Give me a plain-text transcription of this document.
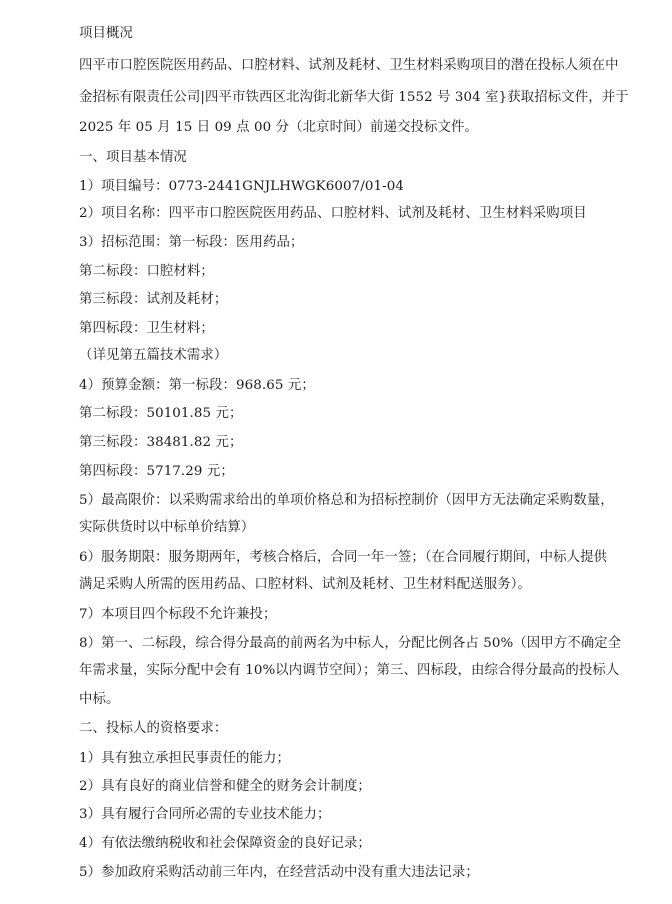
项目概况
四平市口腔医院医用药品、口腔材料、试剂及耗材、卫生材料采购项目的潜在投标人须在中
金招标有限责任公司|四平市铁西区北沟街北新华大街 1552 号 304 室}获取招标文件，并于
2025 年 05 月 15 日 09 点 00 分（北京时间）前递交投标文件。
一、项目基本情况
1）项目编号：0773-2441GNJLHWGK6007/01-04
2）项目名称：四平市口腔医院医用药品、口腔材料、试剂及耗材、卫生材料采购项目
3）招标范围：第一标段：医用药品；
第二标段：口腔材料；
第三标段：试剂及耗材；
第四标段：卫生材料；
（详见第五篇技术需求）
4）预算金额：第一标段：968.65 元；
第二标段：50101.85 元；
第三标段：38481.82 元；
第四标段：5717.29 元；
5）最高限价：以采购需求给出的单项价格总和为招标控制价（因甲方无法确定采购数量，
实际供货时以中标单价结算）
6）服务期限：服务期两年，考核合格后，合同一年一签；（在合同履行期间，中标人提供
满足采购人所需的医用药品、口腔材料、试剂及耗材、卫生材料配送服务）。
7）本项目四个标段不允许兼投；
8）第一、二标段，综合得分最高的前两名为中标人，分配比例各占 50%（因甲方不确定全
年需求量，实际分配中会有 10%以内调节空间）；第三、四标段，由综合得分最高的投标人
中标。
二、投标人的资格要求：
1）具有独立承担民事责任的能力；
2）具有良好的商业信誉和健全的财务会计制度；
3）具有履行合同所必需的专业技术能力；
4）有依法缴纳税收和社会保障资金的良好记录；
5）参加政府采购活动前三年内，在经营活动中没有重大违法记录；
